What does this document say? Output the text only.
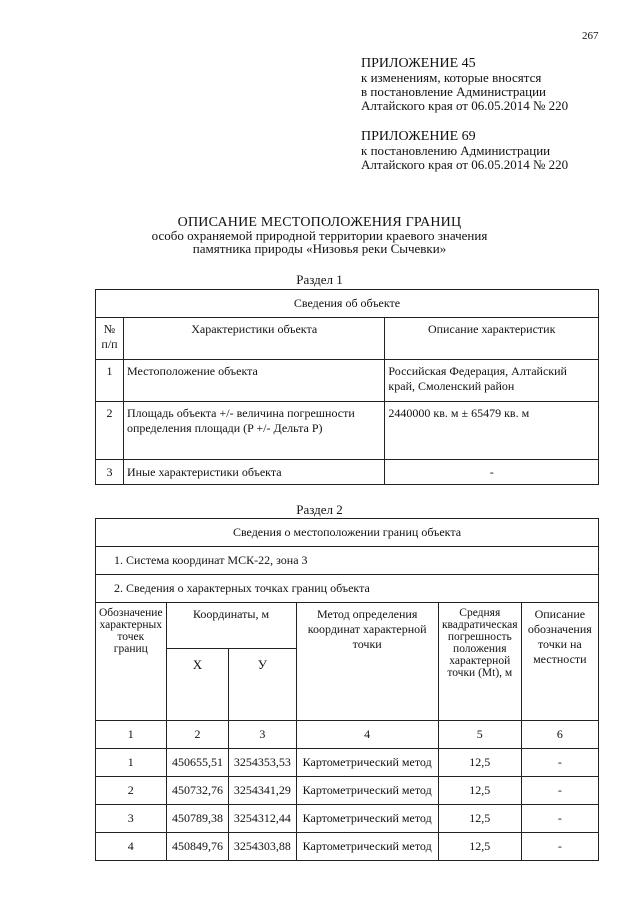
267
ПРИЛОЖЕНИЕ 45
к изменениям, которые вносятся
в постановление Администрации
Алтайского края от 06.05.2014 № 220
ПРИЛОЖЕНИЕ 69
к постановлению Администрации
Алтайского края от 06.05.2014 № 220
ОПИСАНИЕ МЕСТОПОЛОЖЕНИЯ ГРАНИЦ
особо охраняемой природной территории краевого значения
памятника природы «Низовья реки Сычевки»
Раздел 1
Сведения об объекте		
№ п/п	Характеристики объекта	Описание характеристик
1	Местоположение объекта	Российская Федерация, Алтайский край, Смоленский район
2	Площадь объекта +/- величина погрешности определения площади (P +/- Дельта P)	2440000 кв. м ± 65479 кв. м
3	Иные характеристики объекта	-
Раздел 2
Сведения о местоположении границ объекта					
1. Система координат МСК-22, зона 3					
2. Сведения о характерных точках границ объекта					
Обозначение характерных точек границ	Координаты, м		Метод определения координат характерной точки	Средняя квадратическая погрешность положения характерной точки (Mt), м	Описание обозначения точки на местности
	X	У			
1	2	3	4	5	6
1	450655,51	3254353,53	Картометрический метод	12,5	-
2	450732,76	3254341,29	Картометрический метод	12,5	-
3	450789,38	3254312,44	Картометрический метод	12,5	-
4	450849,76	3254303,88	Картометрический метод	12,5	-
